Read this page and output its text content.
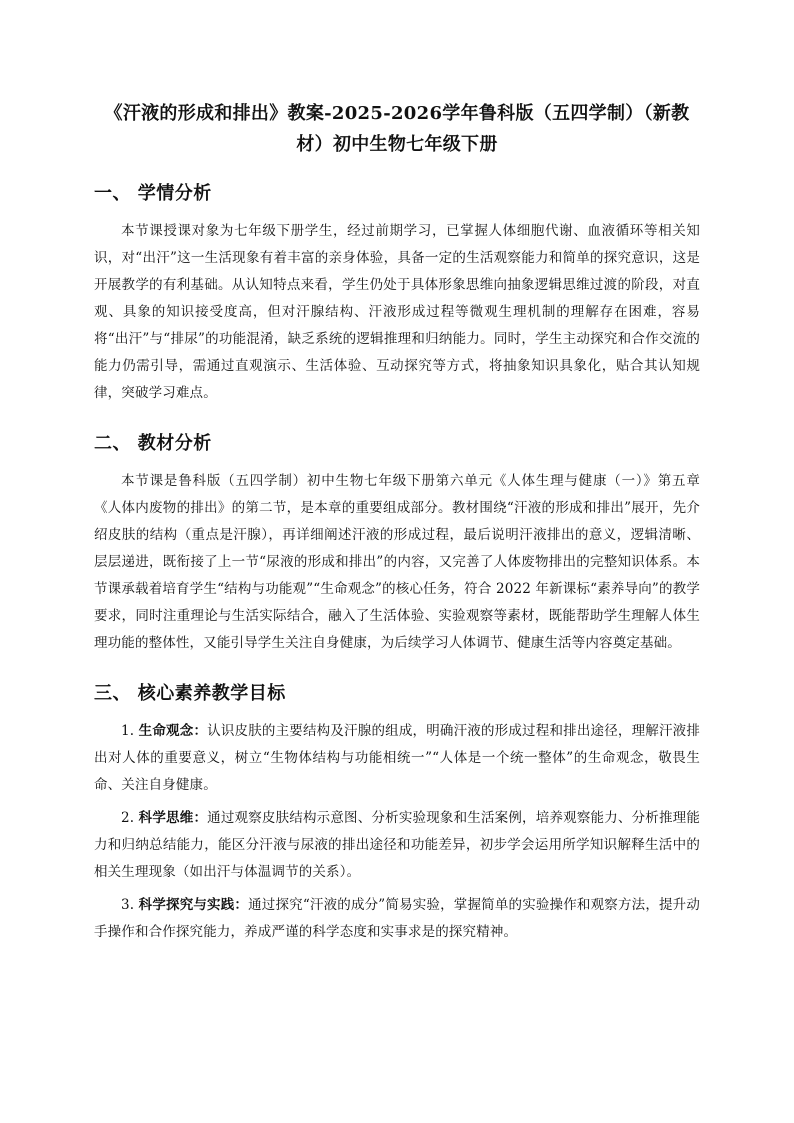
《汗液的形成和排出》教案-2025-2026学年鲁科版（五四学制）（新教材）初中生物七年级下册
一、 学情分析

本节课授课对象为七年级下册学生，经过前期学习，已掌握人体细胞代谢、血液循环等相关知识，对“出汗”这一生活现象有着丰富的亲身体验，具备一定的生活观察能力和简单的探究意识，这是开展教学的有利基础。从认知特点来看，学生仍处于具体形象思维向抽象逻辑思维过渡的阶段，对直观、具象的知识接受度高，但对汗腺结构、汗液形成过程等微观生理机制的理解存在困难，容易将“出汗”与“排尿”的功能混淆，缺乏系统的逻辑推理和归纳能力。同时，学生主动探究和合作交流的能力仍需引导，需通过直观演示、生活体验、互动探究等方式，将抽象知识具象化，贴合其认知规律，突破学习难点。

二、 教材分析

本节课是鲁科版（五四学制）初中生物七年级下册第六单元《人体生理与健康（一）》第五章《人体内废物的排出》的第二节，是本章的重要组成部分。教材围绕“汗液的形成和排出”展开，先介绍皮肤的结构（重点是汗腺），再详细阐述汗液的形成过程，最后说明汗液排出的意义，逻辑清晰、层层递进，既衔接了上一节“尿液的形成和排出”的内容，又完善了人体废物排出的完整知识体系。本节课承载着培育学生“结构与功能观”“生命观念”的核心任务，符合 2022 年新课标“素养导向”的教学要求，同时注重理论与生活实际结合，融入了生活体验、实验观察等素材，既能帮助学生理解人体生理功能的整体性，又能引导学生关注自身健康，为后续学习人体调节、健康生活等内容奠定基础。

三、 核心素养教学目标

1. 生命观念：认识皮肤的主要结构及汗腺的组成，明确汗液的形成过程和排出途径，理解汗液排出对人体的重要意义，树立“生物体结构与功能相统一”“人体是一个统一整体”的生命观念，敬畏生命、关注自身健康。

2. 科学思维：通过观察皮肤结构示意图、分析实验现象和生活案例，培养观察能力、分析推理能力和归纳总结能力，能区分汗液与尿液的排出途径和功能差异，初步学会运用所学知识解释生活中的相关生理现象（如出汗与体温调节的关系）。

3. 科学探究与实践：通过探究“汗液的成分”简易实验，掌握简单的实验操作和观察方法，提升动手操作和合作探究能力，养成严谨的科学态度和实事求是的探究精神。
